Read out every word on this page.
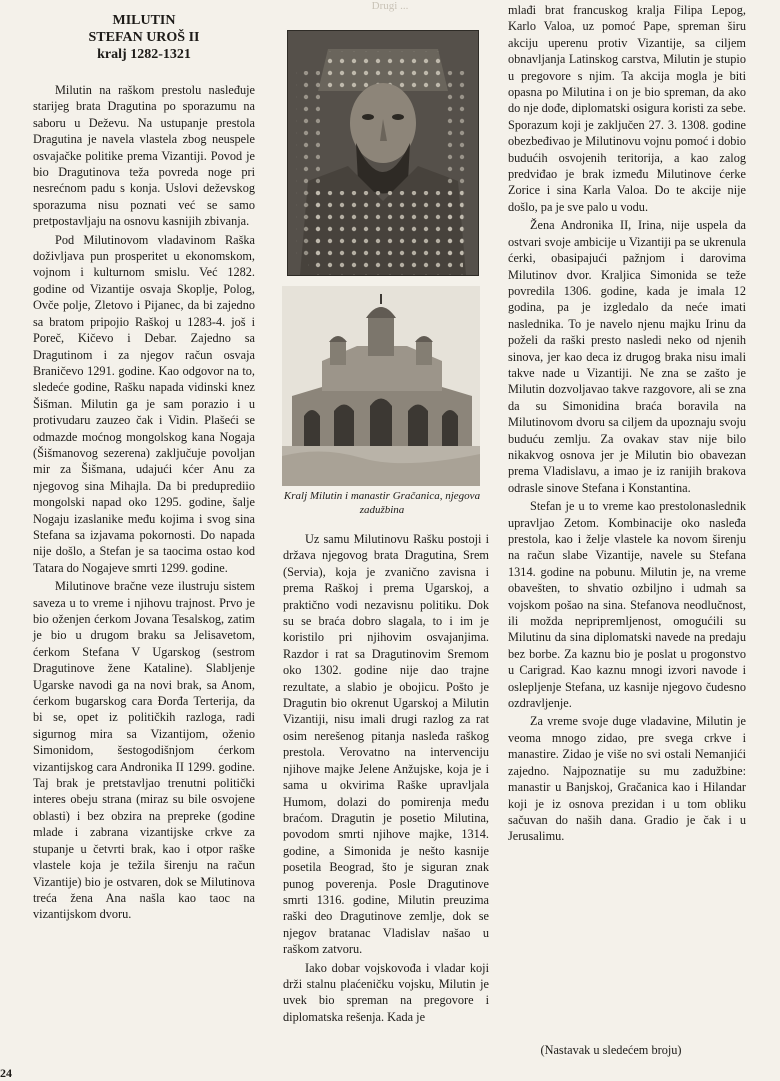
Drugi ...
MILUTIN
STEFAN UROŠ II
kralj 1282-1321

Milutin na raškom prestolu nasleđuje starijeg brata Dragutina po sporazumu na saboru u Deževu. Na ustupanje prestola Dragutina je navela vlastela zbog neuspele osvajačke politike prema Vizantiji. Povod je bio Dragutinova teža povreda noge pri nesrećnom padu s konja. Uslovi deževskog sporazuma nisu poznati već se samo pretpostavljaju na osnovu kasnijih zbivanja.

Pod Milutinovom vladavinom Raška doživljava pun prosperitet u ekonomskom, vojnom i kulturnom smislu. Već 1282. godine od Vizantije osvaja Skoplje, Polog, Ovče polje, Zletovo i Pijanec, da bi zajedno sa bratom pripojio Raškoj u 1283-4. još i Poreč, Kičevo i Debar. Zajedno sa Dragutinom i za njegov račun osvaja Braničevo 1291. godine. Kao odgovor na to, sledeće godine, Rašku napada vidinski knez Šišman. Milutin ga je sam porazio i u protivudaru zauzeo čak i Vidin. Plašeći se odmazde moćnog mongolskog kana Nogaja (Šišmanovog sezerena) zaključuje povoljan mir za Šišmana, udajući kćer Anu za njegovog sina Mihajla. Da bi preduprediio mongolski napad oko 1295. godine, šalje Nogaju izaslanike među kojima i svog sina Stefana sa izjavama pokornosti. Do napada nije došlo, a Stefan je sa taocima ostao kod Tatara do Nogajeve smrti 1299. godine.

Milutinove bračne veze ilustruju sistem saveza u to vreme i njihovu trajnost. Prvo je bio oženjen ćerkom Jovana Tesalskog, zatim je bio u drugom braku sa Jelisavetom, ćerkom Stefana V Ugarskog (sestrom Dragutinove žene Kataline). Slabljenje Ugarske navodi ga na novi brak, sa Anom, ćerkom bugarskog cara Đorđa Terterija, da bi se, opet iz političkih razloga, radi sigurnog mira sa Vizantijom, oženio Simonidom, šestogodišnjom ćerkom vizantijskog cara Andronika II 1299. godine. Taj brak je pretstavljao trenutni politički interes obeju strana (miraz su bile osvojene oblasti) i bez obzira na preprekе (godine mlade i zabrana vizantijske crkve za stupanje u četvrti brak, kao i otpor raške vlastele koja je težila širenju na račun Vizantije) bio je ostvaren, dok se Milutinova treća žena Ana našla kao taoc na vizantijskom dvoru.

Kralj Milutin i manastir Gračanica, njegova zadužbina

Uz samu Milutinovu Rašku postoji i država njegovog brata Dragutina, Srem (Servia), koja je zvanično zavisna i prema Raškoj i prema Ugarskoj, a praktično vodi nezavisnu politiku. Dok su se braća dobro slagala, to i im je koristilo pri njihovim osvajanjima. Razdor i rat sa Dragutinovim Sremom oko 1302. godine nije dao trajne rezultate, a slabio je obojicu. Pošto je Dragutin bio okrenut Ugarskoj a Milutin Vizantiji, nisu imali drugi razlog za rat osim nerešenog pitanja nasleđa raškog prestola. Verovatno na intervenciju njihove majke Jelene Anžujske, koja je i sama u okvirima Raške upravljala Humom, dolazi do pomirenja među braćom. Dragutin je posetio Milutina, povodom smrti njihove majke, 1314. godine, a Simonida je nešto kasnije posetila Beograd, što je siguran znak punog poverenja. Posle Dragutinove smrti 1316. godine, Milutin preuzima raški deo Dragutinove zemlje, dok se njegov bratanac Vladislav našao u raškom zatvoru.

Iako dobar vojskovođa i vladar koji drži stalnu plaćeničku vojsku, Milutin je uvek bio spreman na pregovore i diplomatska rešenja. Kada je

mlađi brat francuskog kralja Filipa Lepog, Karlo Valoa, uz pomoć Pape, spreman širu akciju uperenu protiv Vizantije, sa ciljem obnavljanja Latinskog carstva, Milutin je stupio u pregovore s njim. Ta akcija mogla je biti opasna po Milutina i on je bio spreman, da ako do nje dođe, diplomatski osigura koristi za sebe. Sporazum koji je zaključen 27. 3. 1308. godine obezbeđivao je Milutinovu vojnu pomoć i dobio budućih osvojenih teritorija, a kao zalog predviđao je brak između Milutinove ćerke Zorice i sina Karla Valoa. Do te akcije nije došlo, pa je sve palo u vodu.

Žena Andronika II, Irina, nije uspela da ostvari svoje ambicije u Vizantiji pa se ukrenula ćerki, obasipajući pažnjom i darovima Milutinov dvor. Kraljica Simonida se teže povredila 1306. godine, kada je imala 12 godina, pa je izgledalo da neće imati naslednika. To je navelo njenu majku Irinu da poželi da raški presto nasledi neko od njenih sinova, jer kao deca iz drugog braka nisu imali takve nade u Vizantiji. Ne zna se zašto je Milutin dozvoljavao takve razgovore, ali se zna da su Simonidina braća boravila na Milutinovom dvoru sa ciljem da upoznaju svoju buduću zemlju. Za ovakav stav nije bilo nikakvog osnova jer je Milutin bio obavezan prema Vladislavu, a imao je iz ranijih brakova odrasle sinove Stefana i Konstantina.

Stefan je u to vreme kao prestolonaslednik upravljao Zetom. Kombinacije oko nasleđa prestola, kao i želje vlastele ka novom širenju na račun slabe Vizantije, navele su Stefana 1314. godine na pobunu. Milutin je, na vreme obavešten, to shvatio ozbiljno i udmah sa vojskom pošao na sina. Stefanova neodlučnost, ili možda nepripremljenost, omogućili su Milutinu da sina diplomatski navede na predaju bez borbe. Za kaznu bio je poslat u progonstvo u Carigrad. Kao kaznu mnogi izvori navode i oslepljenje Stefana, uz kasnije njegovo čudesno ozdravljenje.

Za vreme svoje duge vladavine, Milutin je veoma mnogo zidao, pre svega crkve i manastire. Zidao je više no svi ostali Nemanjići zajedno. Najpoznatije su mu zadužbine: manastir u Banjskoj, Gračanica kao i Hilandar koji je iz osnova prezidan i u tom obliku sačuvan do naših dana. Gradio je čak i u Jerusalimu.

(Nastavak u sledećem broju)
24
